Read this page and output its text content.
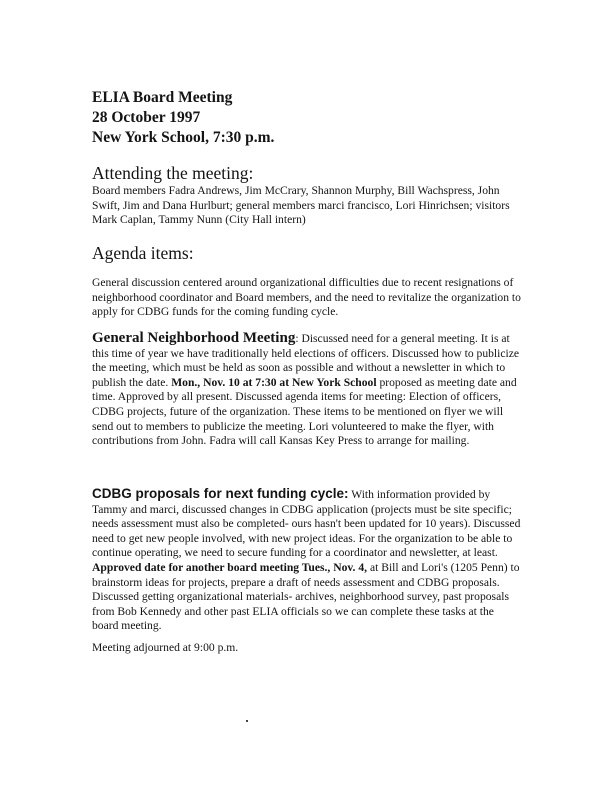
ELIA Board Meeting
28 October 1997
New York School, 7:30 p.m.
Attending the meeting:

Board members Fadra Andrews, Jim McCrary, Shannon Murphy, Bill Wachspress, John Swift, Jim and Dana Hurlburt; general members marci francisco, Lori Hinrichsen; visitors Mark Caplan, Tammy Nunn (City Hall intern)

Agenda items:

General discussion centered around organizational difficulties due to recent resignations of neighborhood coordinator and Board members, and the need to revitalize the organization to apply for CDBG funds for the coming funding cycle.

General Neighborhood Meeting: Discussed need for a general meeting. It is at this time of year we have traditionally held elections of officers. Discussed how to publicize the meeting, which must be held as soon as possible and without a newsletter in which to publish the date. Mon., Nov. 10 at 7:30 at New York School proposed as meeting date and time. Approved by all present. Discussed agenda items for meeting: Election of officers, CDBG projects, future of the organization. These items to be mentioned on flyer we will send out to members to publicize the meeting. Lori volunteered to make the flyer, with contributions from John. Fadra will call Kansas Key Press to arrange for mailing.

CDBG proposals for next funding cycle: With information provided by Tammy and marci, discussed changes in CDBG application (projects must be site specific; needs assessment must also be completed- ours hasn't been updated for 10 years). Discussed need to get new people involved, with new project ideas. For the organization to be able to continue operating, we need to secure funding for a coordinator and newsletter, at least. Approved date for another board meeting Tues., Nov. 4, at Bill and Lori's (1205 Penn) to brainstorm ideas for projects, prepare a draft of needs assessment and CDBG proposals. Discussed getting organizational materials- archives, neighborhood survey, past proposals from Bob Kennedy and other past ELIA officials so we can complete these tasks at the board meeting.

Meeting adjourned at 9:00 p.m.
